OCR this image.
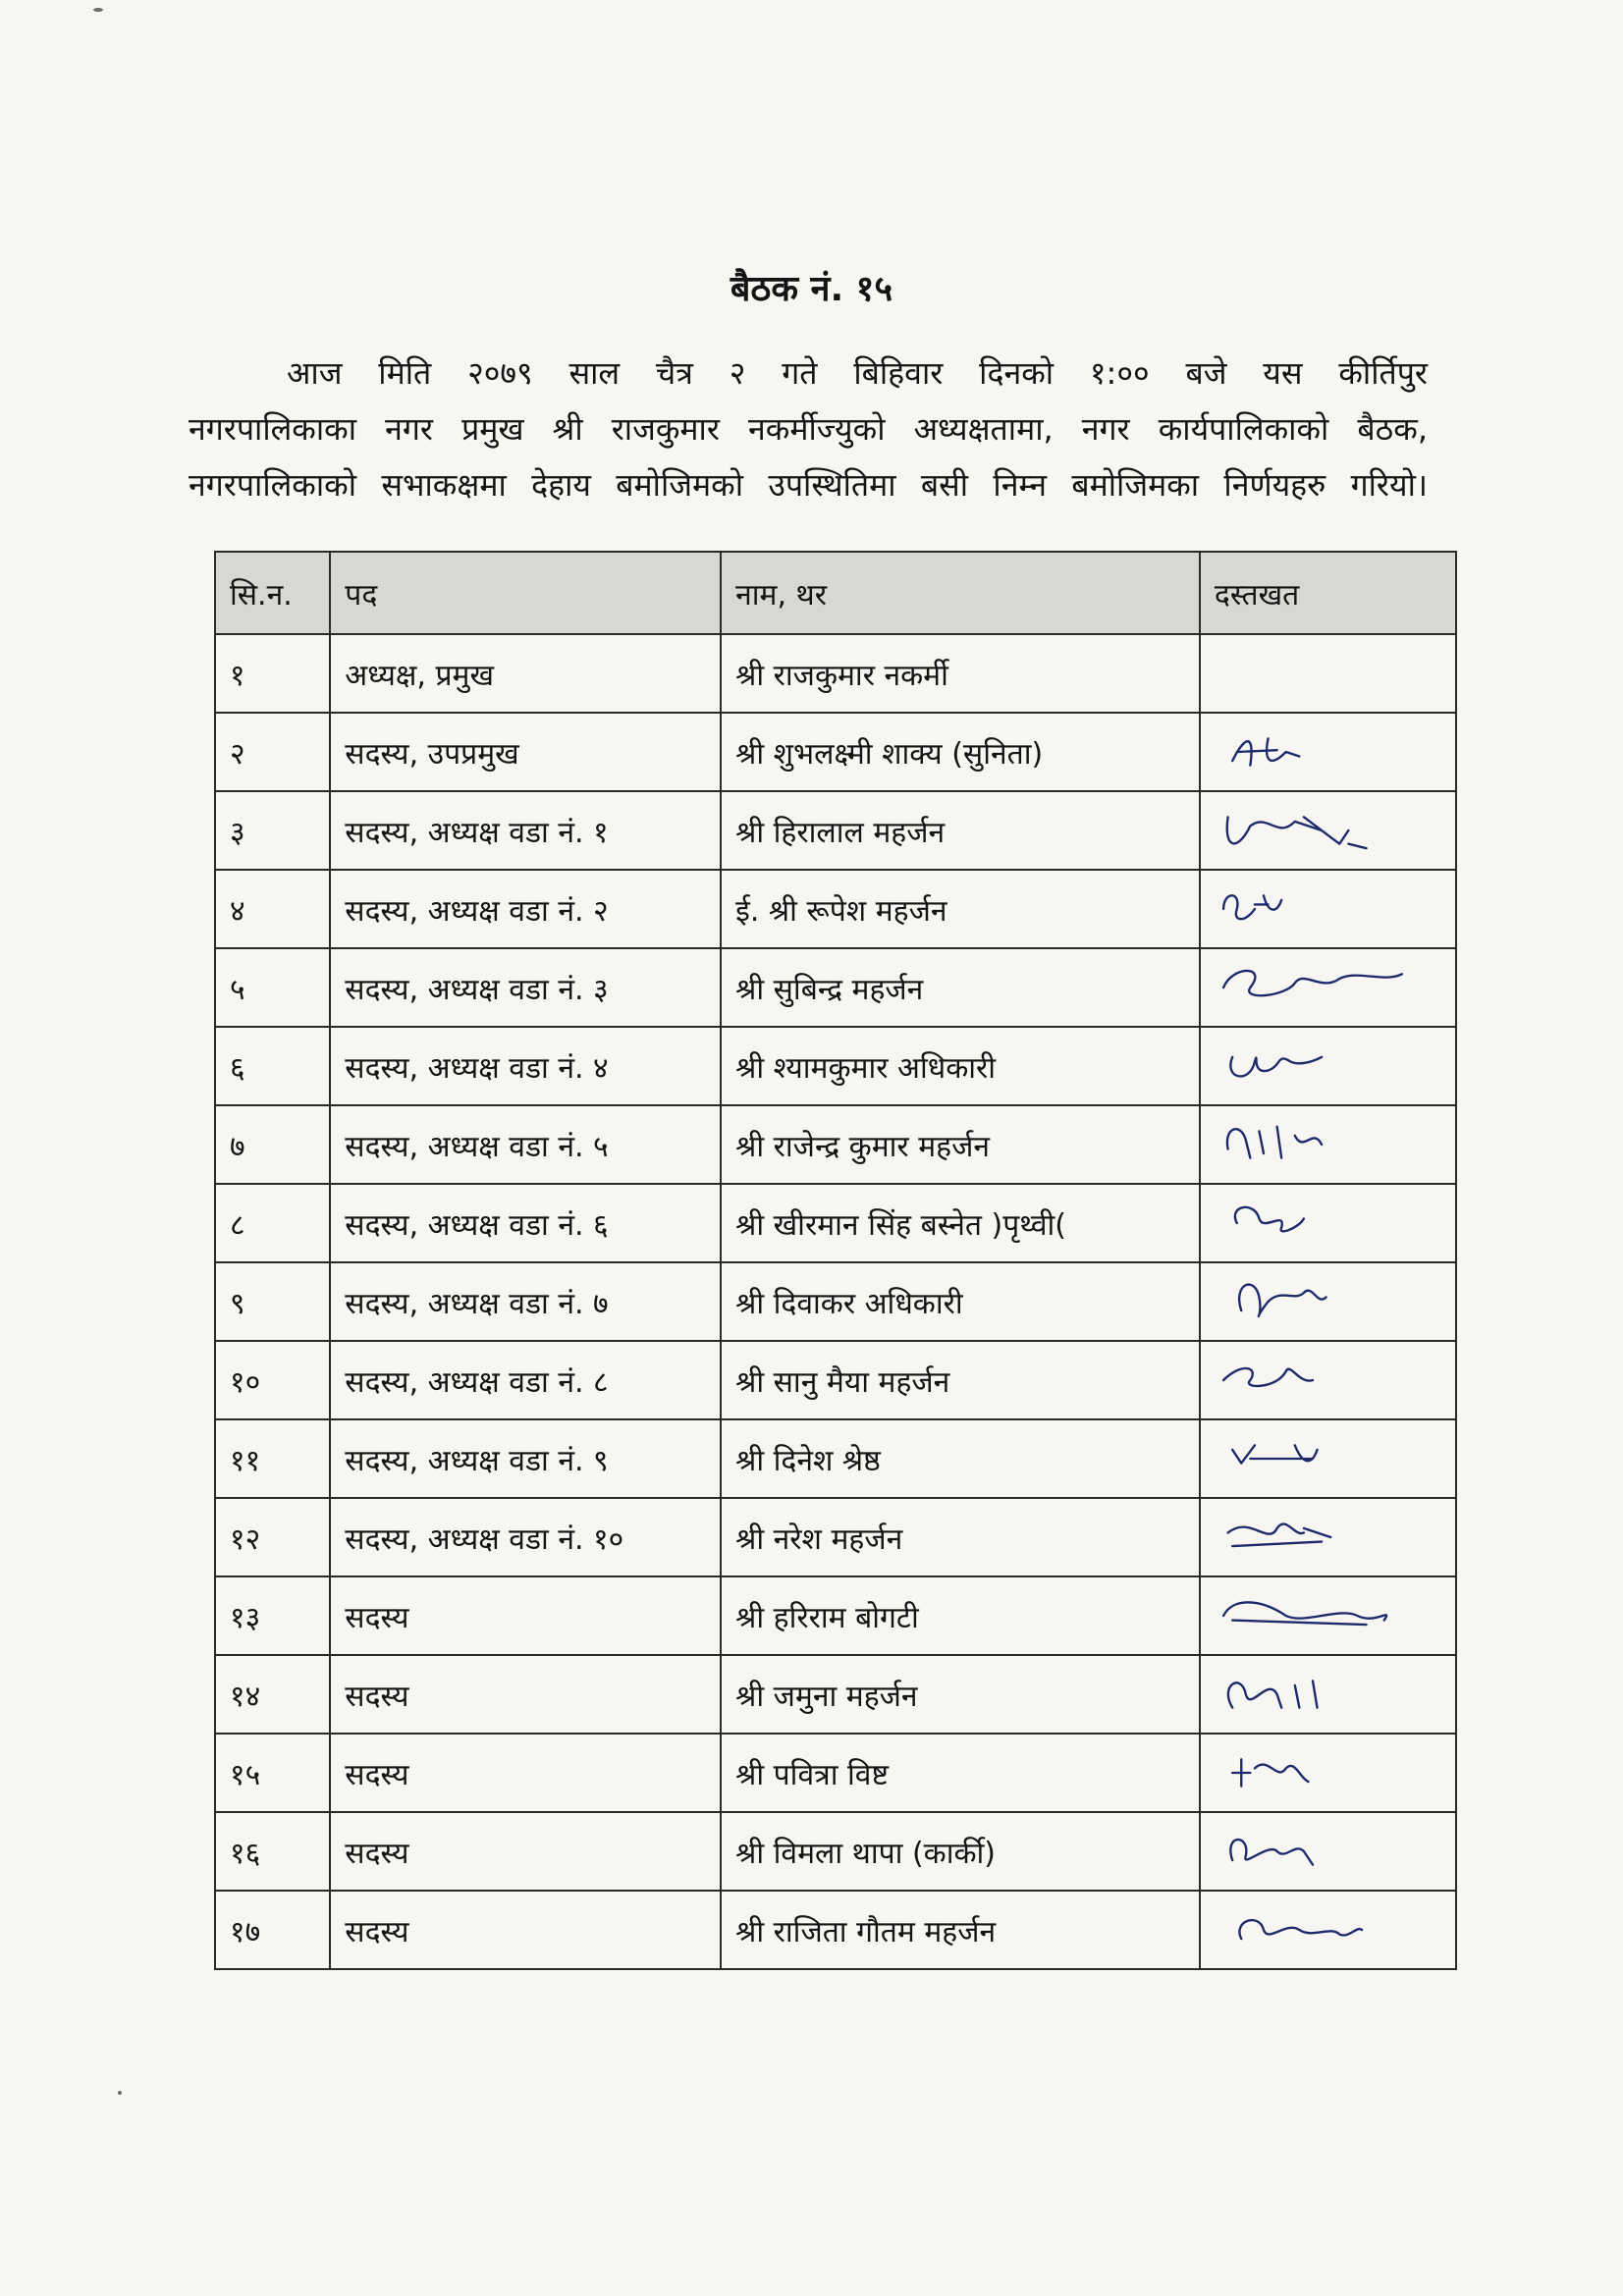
बैठक नं. १५
आज मिति २०७९ साल चैत्र २ गते बिहिवार दिनको १:०० बजे यस कीर्तिपुर
नगरपालिकाका नगर प्रमुख श्री राजकुमार नकर्मीज्युको अध्यक्षतामा, नगर कार्यपालिकाको बैठक,
नगरपालिकाको सभाकक्षमा देहाय बमोजिमको उपस्थितिमा बसी निम्न बमोजिमका निर्णयहरु गरियो।
सि.न.	पद	नाम, थर	दस्तखत
१	अध्यक्ष, प्रमुख	श्री राजकुमार नकर्मी	
२	सदस्य, उपप्रमुख	श्री शुभलक्ष्मी शाक्य (सुनिता)	

३	सदस्य, अध्यक्ष वडा नं. १	श्री हिरालाल महर्जन	

४	सदस्य, अध्यक्ष वडा नं. २	ई. श्री रूपेश महर्जन	

५	सदस्य, अध्यक्ष वडा नं. ३	श्री सुबिन्द्र महर्जन	

६	सदस्य, अध्यक्ष वडा नं. ४	श्री श्यामकुमार अधिकारी	

७	सदस्य, अध्यक्ष वडा नं. ५	श्री राजेन्द्र कुमार महर्जन	

८	सदस्य, अध्यक्ष वडा नं. ६	श्री खीरमान सिंह बस्नेत )पृथ्वी(	

९	सदस्य, अध्यक्ष वडा नं. ७	श्री दिवाकर अधिकारी	

१०	सदस्य, अध्यक्ष वडा नं. ८	श्री सानु मैया महर्जन	

११	सदस्य, अध्यक्ष वडा नं. ९	श्री दिनेश श्रेष्ठ	

१२	सदस्य, अध्यक्ष वडा नं. १०	श्री नरेश महर्जन	

१३	सदस्य	श्री हरिराम बोगटी	

१४	सदस्य	श्री जमुना महर्जन	

१५	सदस्य	श्री पवित्रा विष्ट	

१६	सदस्य	श्री विमला थापा (कार्की)	

१७	सदस्य	श्री राजिता गौतम महर्जन	
